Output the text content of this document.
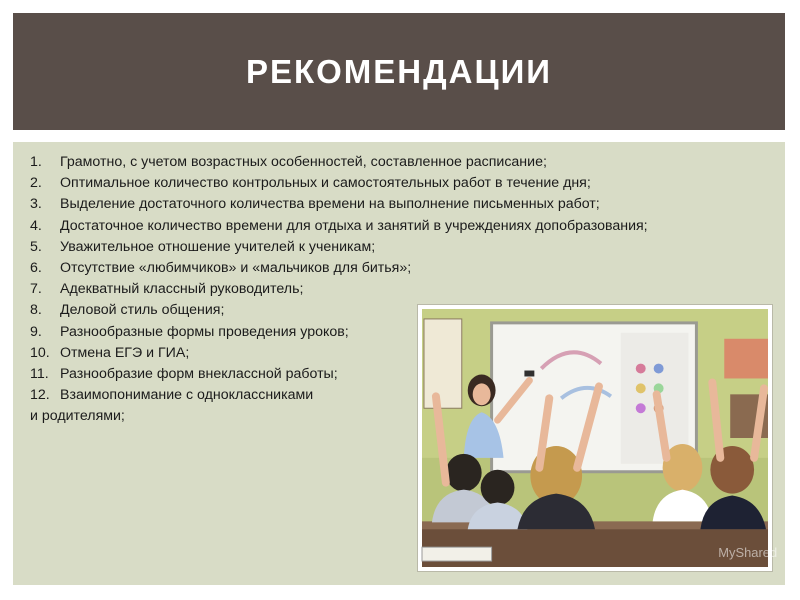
РЕКОМЕНДАЦИИ
1. Грамотно, с учетом возрастных особенностей, составленное расписание;
2. Оптимальное количество контрольных и самостоятельных работ в течение дня;
3. Выделение достаточного количества времени на выполнение письменных работ;
4. Достаточное количество времени для отдыха и занятий в учреждениях допобразования;
5. Уважительное отношение учителей к ученикам;
6. Отсутствие «любимчиков» и «мальчиков для битья»;
7. Адекватный классный руководитель;
8. Деловой стиль общения;
9. Разнообразные формы проведения уроков;
10. Отмена ЕГЭ и ГИА;
11. Разнообразие форм внеклассной работы;
12. Взаимопонимание с одноклассниками
и родителями;
MyShared
